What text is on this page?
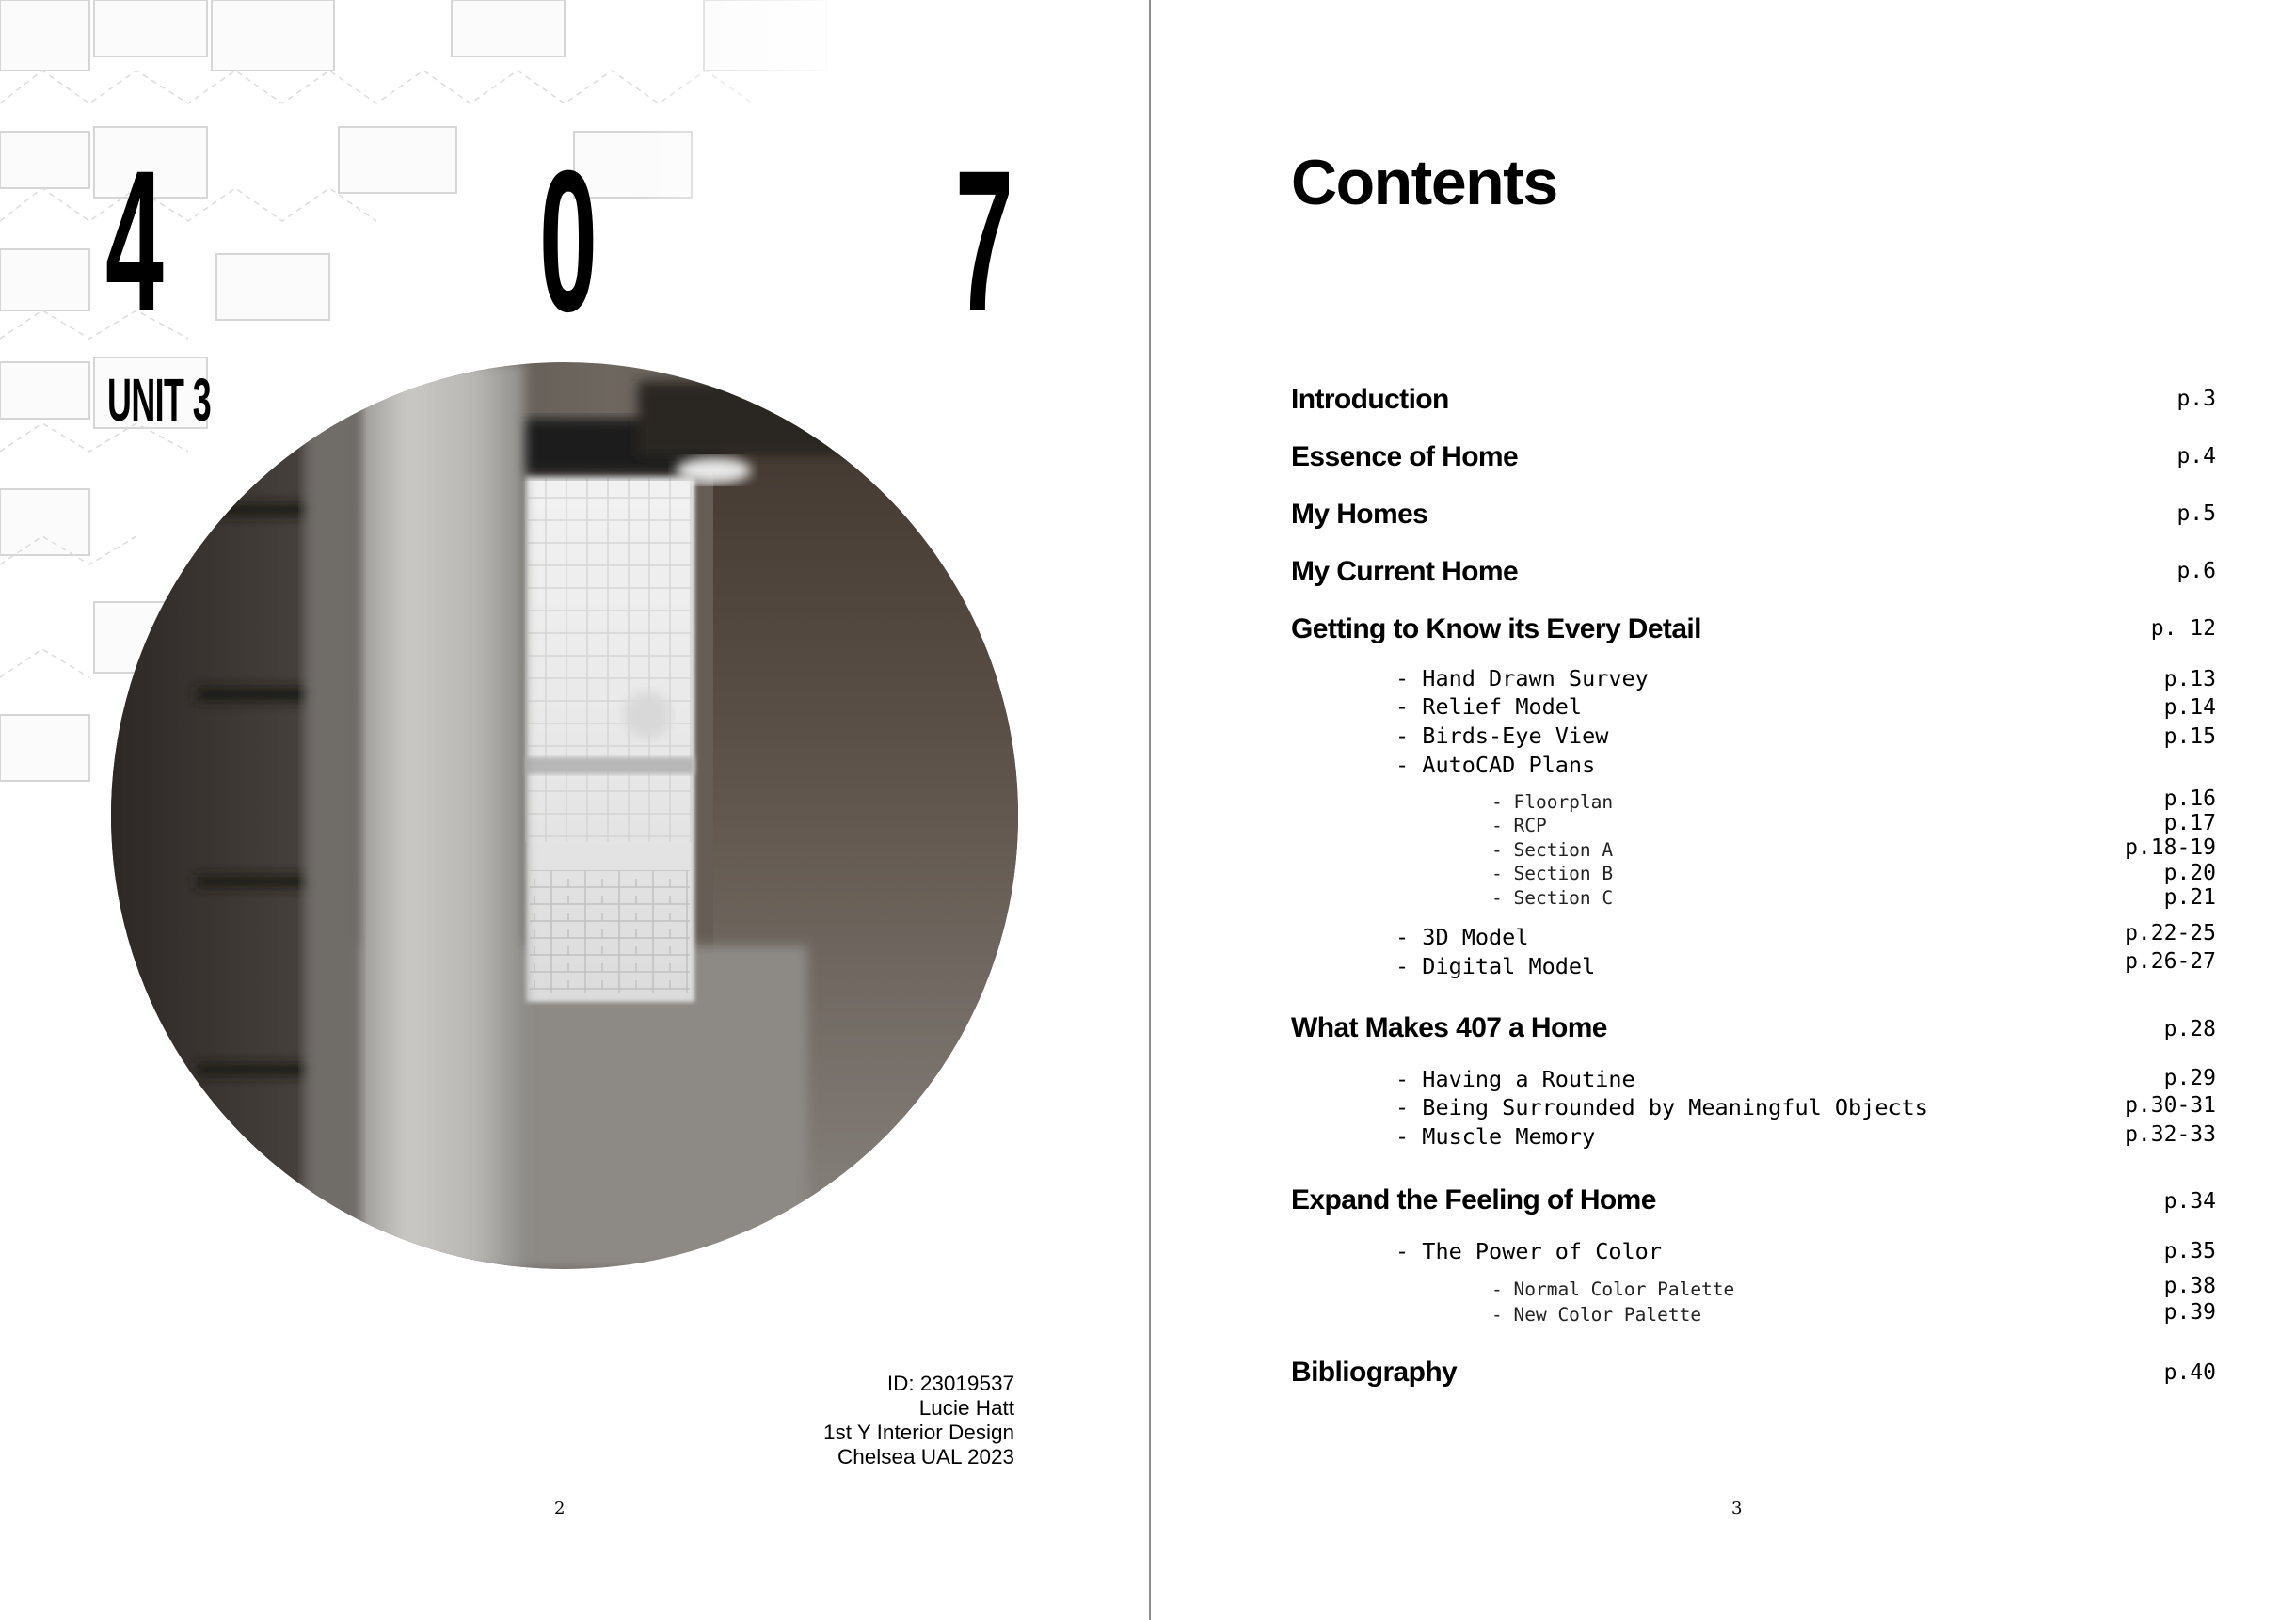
4 0 7
UNIT 3
ID: 23019537
Lucie Hatt
1st Y Interior Design
Chelsea UAL 2023
2
Contents
Introduction
Essence of Home
My Homes
My Current Home
Getting to Know its Every Detail
- Hand Drawn Survey
- Relief Model
- Birds-Eye View
- AutoCAD Plans
- Floorplan
- RCP
- Section A
- Section B
- Section C
- 3D Model
- Digital Model
What Makes 407 a Home
- Having a Routine
- Being Surrounded by Meaningful Objects
- Muscle Memory
Expand the Feeling of Home
- The Power of Color
- Normal Color Palette
- New Color Palette
Bibliography
p.3
p.4
p.5
p.6
p. 12
p.13
p.14
p.15
p.16
p.17
p.18-19
p.20
p.21
p.22-25
p.26-27
p.28
p.29
p.30-31
p.32-33
p.34
p.35
p.38
p.39
p.40
3
